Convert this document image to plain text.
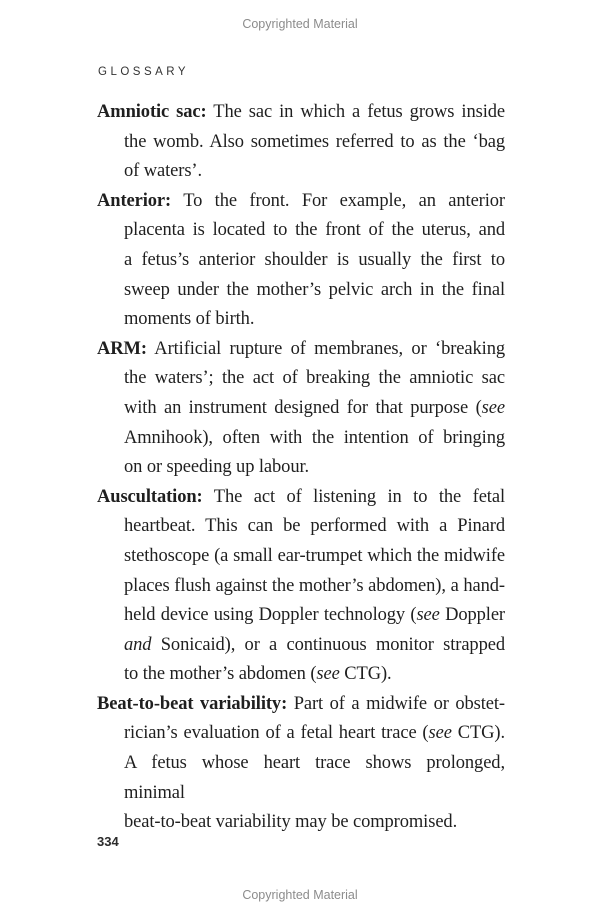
Copyrighted Material
GLOSSARY
Amniotic sac: The sac in which a fetus grows inside
the womb. Also sometimes referred to as the ‘bag
of waters’.
Anterior: To the front. For example, an anterior
placenta is located to the front of the uterus, and
a fetus’s anterior shoulder is usually the first to
sweep under the mother’s pelvic arch in the final
moments of birth.
ARM: Artificial rupture of membranes, or ‘breaking
the waters’; the act of breaking the amniotic sac
with an instrument designed for that purpose (see
Amnihook), often with the intention of bringing
on or speeding up labour.
Auscultation: The act of listening in to the fetal
heartbeat. This can be performed with a Pinard
stethoscope (a small ear-trumpet which the midwife
places flush against the mother’s abdomen), a hand-
held device using Doppler technology (see Doppler
and Sonicaid), or a continuous monitor strapped
to the mother’s abdomen (see CTG).
Beat-to-beat variability: Part of a midwife or obstet-
rician’s evaluation of a fetal heart trace (see CTG).
A fetus whose heart trace shows prolonged, minimal
beat-to-beat variability may be compromised.
334
Copyrighted Material
